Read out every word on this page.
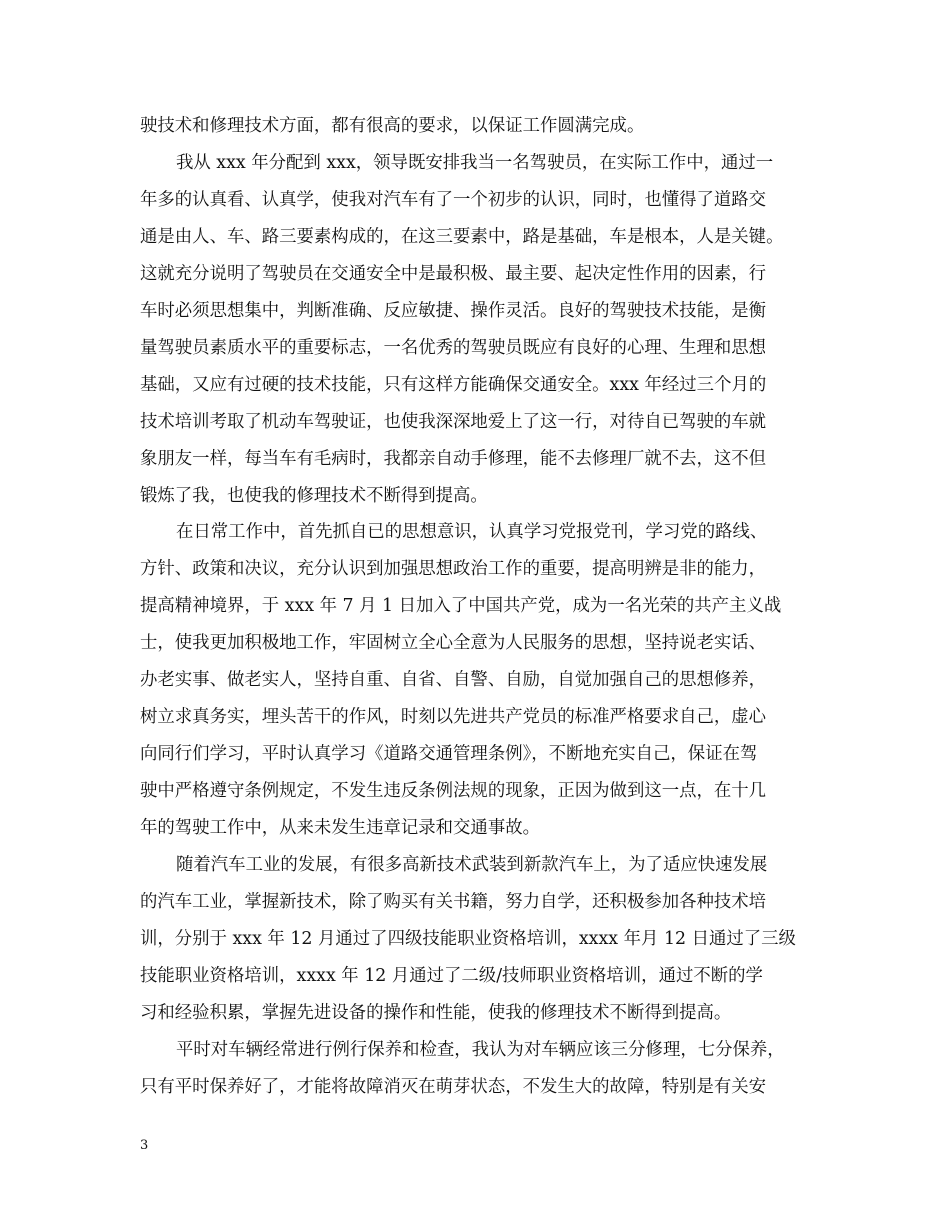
驶技术和修理技术方面，都有很高的要求，以保证工作圆满完成。
我从 xxx 年分配到 xxx，领导既安排我当一名驾驶员，在实际工作中，通过一
年多的认真看、认真学，使我对汽车有了一个初步的认识，同时，也懂得了道路交
通是由人、车、路三要素构成的，在这三要素中，路是基础，车是根本，人是关键。
这就充分说明了驾驶员在交通安全中是最积极、最主要、起决定性作用的因素，行
车时必须思想集中，判断准确、反应敏捷、操作灵活。良好的驾驶技术技能，是衡
量驾驶员素质水平的重要标志，一名优秀的驾驶员既应有良好的心理、生理和思想
基础，又应有过硬的技术技能，只有这样方能确保交通安全。xxx 年经过三个月的
技术培训考取了机动车驾驶证，也使我深深地爱上了这一行，对待自已驾驶的车就
象朋友一样，每当车有毛病时，我都亲自动手修理，能不去修理厂就不去，这不但
锻炼了我，也使我的修理技术不断得到提高。
在日常工作中，首先抓自已的思想意识，认真学习党报党刊，学习党的路线、
方针、政策和决议，充分认识到加强思想政治工作的重要，提高明辨是非的能力，
提高精神境界，于 xxx 年 7 月 1 日加入了中国共产党，成为一名光荣的共产主义战
士，使我更加积极地工作，牢固树立全心全意为人民服务的思想，坚持说老实话、
办老实事、做老实人，坚持自重、自省、自警、自励，自觉加强自己的思想修养，
树立求真务实，埋头苦干的作风，时刻以先进共产党员的标准严格要求自己，虚心
向同行们学习，平时认真学习《道路交通管理条例》，不断地充实自己，保证在驾
驶中严格遵守条例规定，不发生违反条例法规的现象，正因为做到这一点，在十几
年的驾驶工作中，从来未发生违章记录和交通事故。
随着汽车工业的发展，有很多高新技术武装到新款汽车上，为了适应快速发展
的汽车工业，掌握新技术，除了购买有关书籍，努力自学，还积极参加各种技术培
训，分别于 xxx 年 12 月通过了四级技能职业资格培训，xxxx 年月 12 日通过了三级
技能职业资格培训，xxxx 年 12 月通过了二级/技师职业资格培训，通过不断的学
习和经验积累，掌握先进设备的操作和性能，使我的修理技术不断得到提高。
平时对车辆经常进行例行保养和检查，我认为对车辆应该三分修理，七分保养，
只有平时保养好了，才能将故障消灭在萌芽状态，不发生大的故障，特别是有关安
3
